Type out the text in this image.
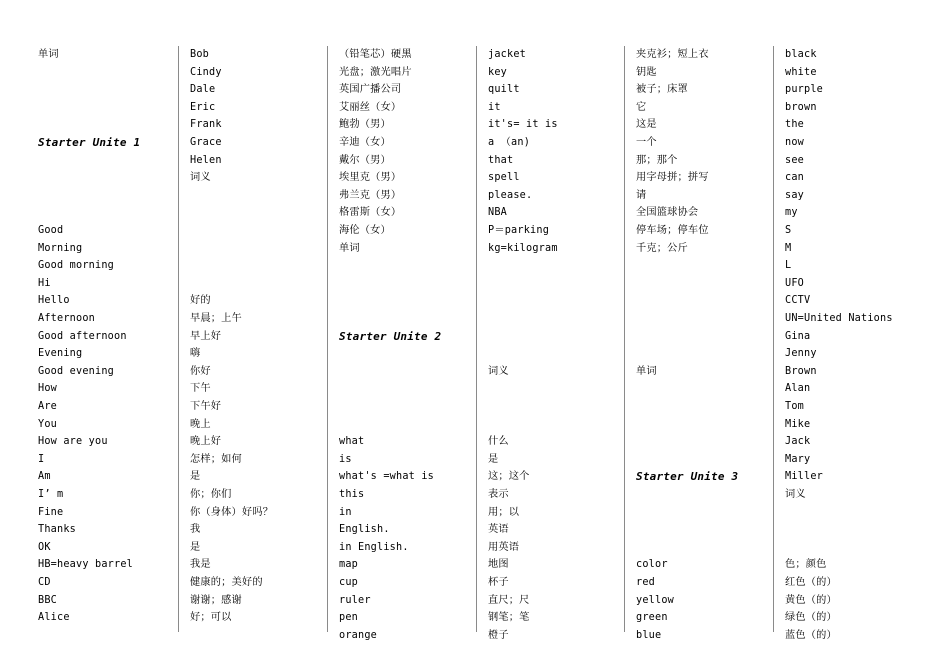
单词
Starter Unite 1
Good
Morning
Good morning
Hi
Hello
Afternoon
Good afternoon
Evening
Good evening
How
Are
You
How are you
I
Am
I’ m
Fine
Thanks
OK
HB=heavy barrel
CD
BBC
Alice
Bob
Cindy
Dale
Eric
Frank
Grace
Helen
词义
好的
早晨；上午
早上好
嗨
你好
下午
下午好
晚上
晚上好
怎样；如何
是
你；你们
你（身体）好吗？
我
是
我是
健康的；美好的
谢谢；感谢
好；可以
（铅笔芯）硬黑
光盘；激光唱片
英国广播公司
艾丽丝（女）
鲍勃（男）
辛迪（女）
戴尔（男）
埃里克（男）
弗兰克（男）
格雷斯（女）
海伦（女）
单词
Starter Unite 2
what
is
what's =what is
this
in
English.
in English.
map
cup
ruler
pen
orange
jacket
key
quilt
it
it's= it is
a （an)
that
spell
please.
NBA
P＝parking
kg=kilogram
词义
什么
是
这；这个
表示
用；以
英语
用英语
地图
杯子
直尺；尺
钢笔；笔
橙子
夹克衫；短上衣
钥匙
被子；床罩
它
这是
一个
那；那个
用字母拼；拼写
请
全国篮球协会
停车场；停车位
千克；公斤
单词
Starter Unite 3
color
red
yellow
green
blue
black
white
purple
brown
the
now
see
can
say
my
S
M
L
UFO
CCTV
UN=United Nations
Gina
Jenny
Brown
Alan
Tom
Mike
Jack
Mary
Miller
词义
色；颜色
红色（的）
黄色（的）
绿色（的）
蓝色（的）
